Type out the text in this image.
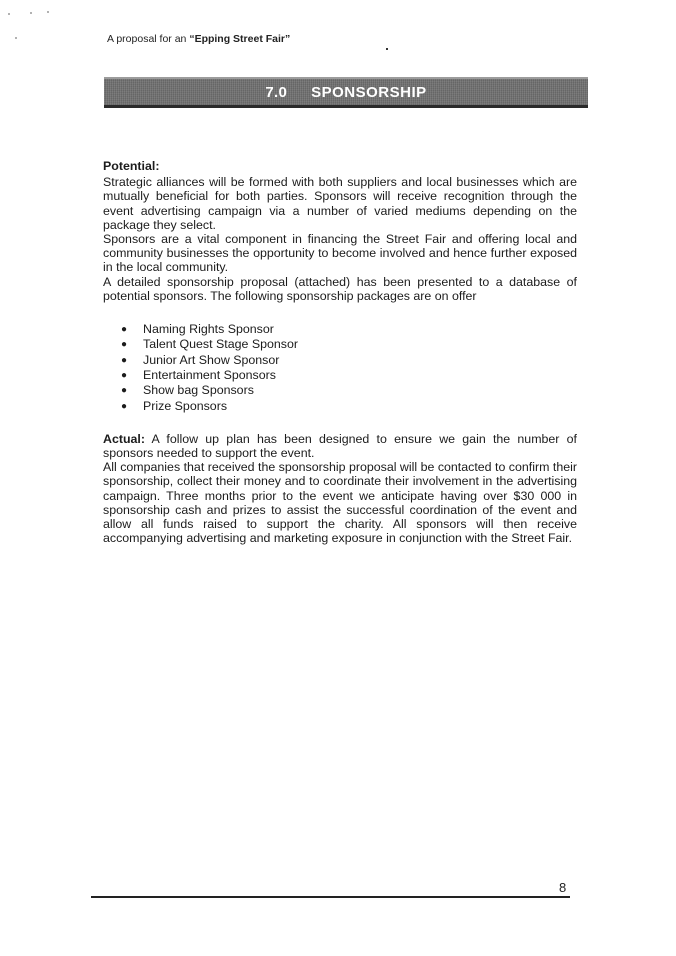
A proposal for an “Epping Street Fair”
7.0 SPONSORSHIP
Potential:

Strategic alliances will be formed with both suppliers and local businesses which are mutually beneficial for both parties. Sponsors will receive recognition through the event advertising campaign via a number of varied mediums depending on the package they select.

Sponsors are a vital component in financing the Street Fair and offering local and community businesses the opportunity to become involved and hence further exposed in the local community.

A detailed sponsorship proposal (attached) has been presented to a database of potential sponsors. The following sponsorship packages are on offer

● Naming Rights Sponsor
● Talent Quest Stage Sponsor
● Junior Art Show Sponsor
● Entertainment Sponsors
● Show bag Sponsors
● Prize Sponsors

Actual: A follow up plan has been designed to ensure we gain the number of sponsors needed to support the event.

All companies that received the sponsorship proposal will be contacted to confirm their sponsorship, collect their money and to coordinate their involvement in the advertising campaign. Three months prior to the event we anticipate having over $30 000 in sponsorship cash and prizes to assist the successful coordination of the event and allow all funds raised to support the charity. All sponsors will then receive accompanying advertising and marketing exposure in conjunction with the Street Fair.

8
